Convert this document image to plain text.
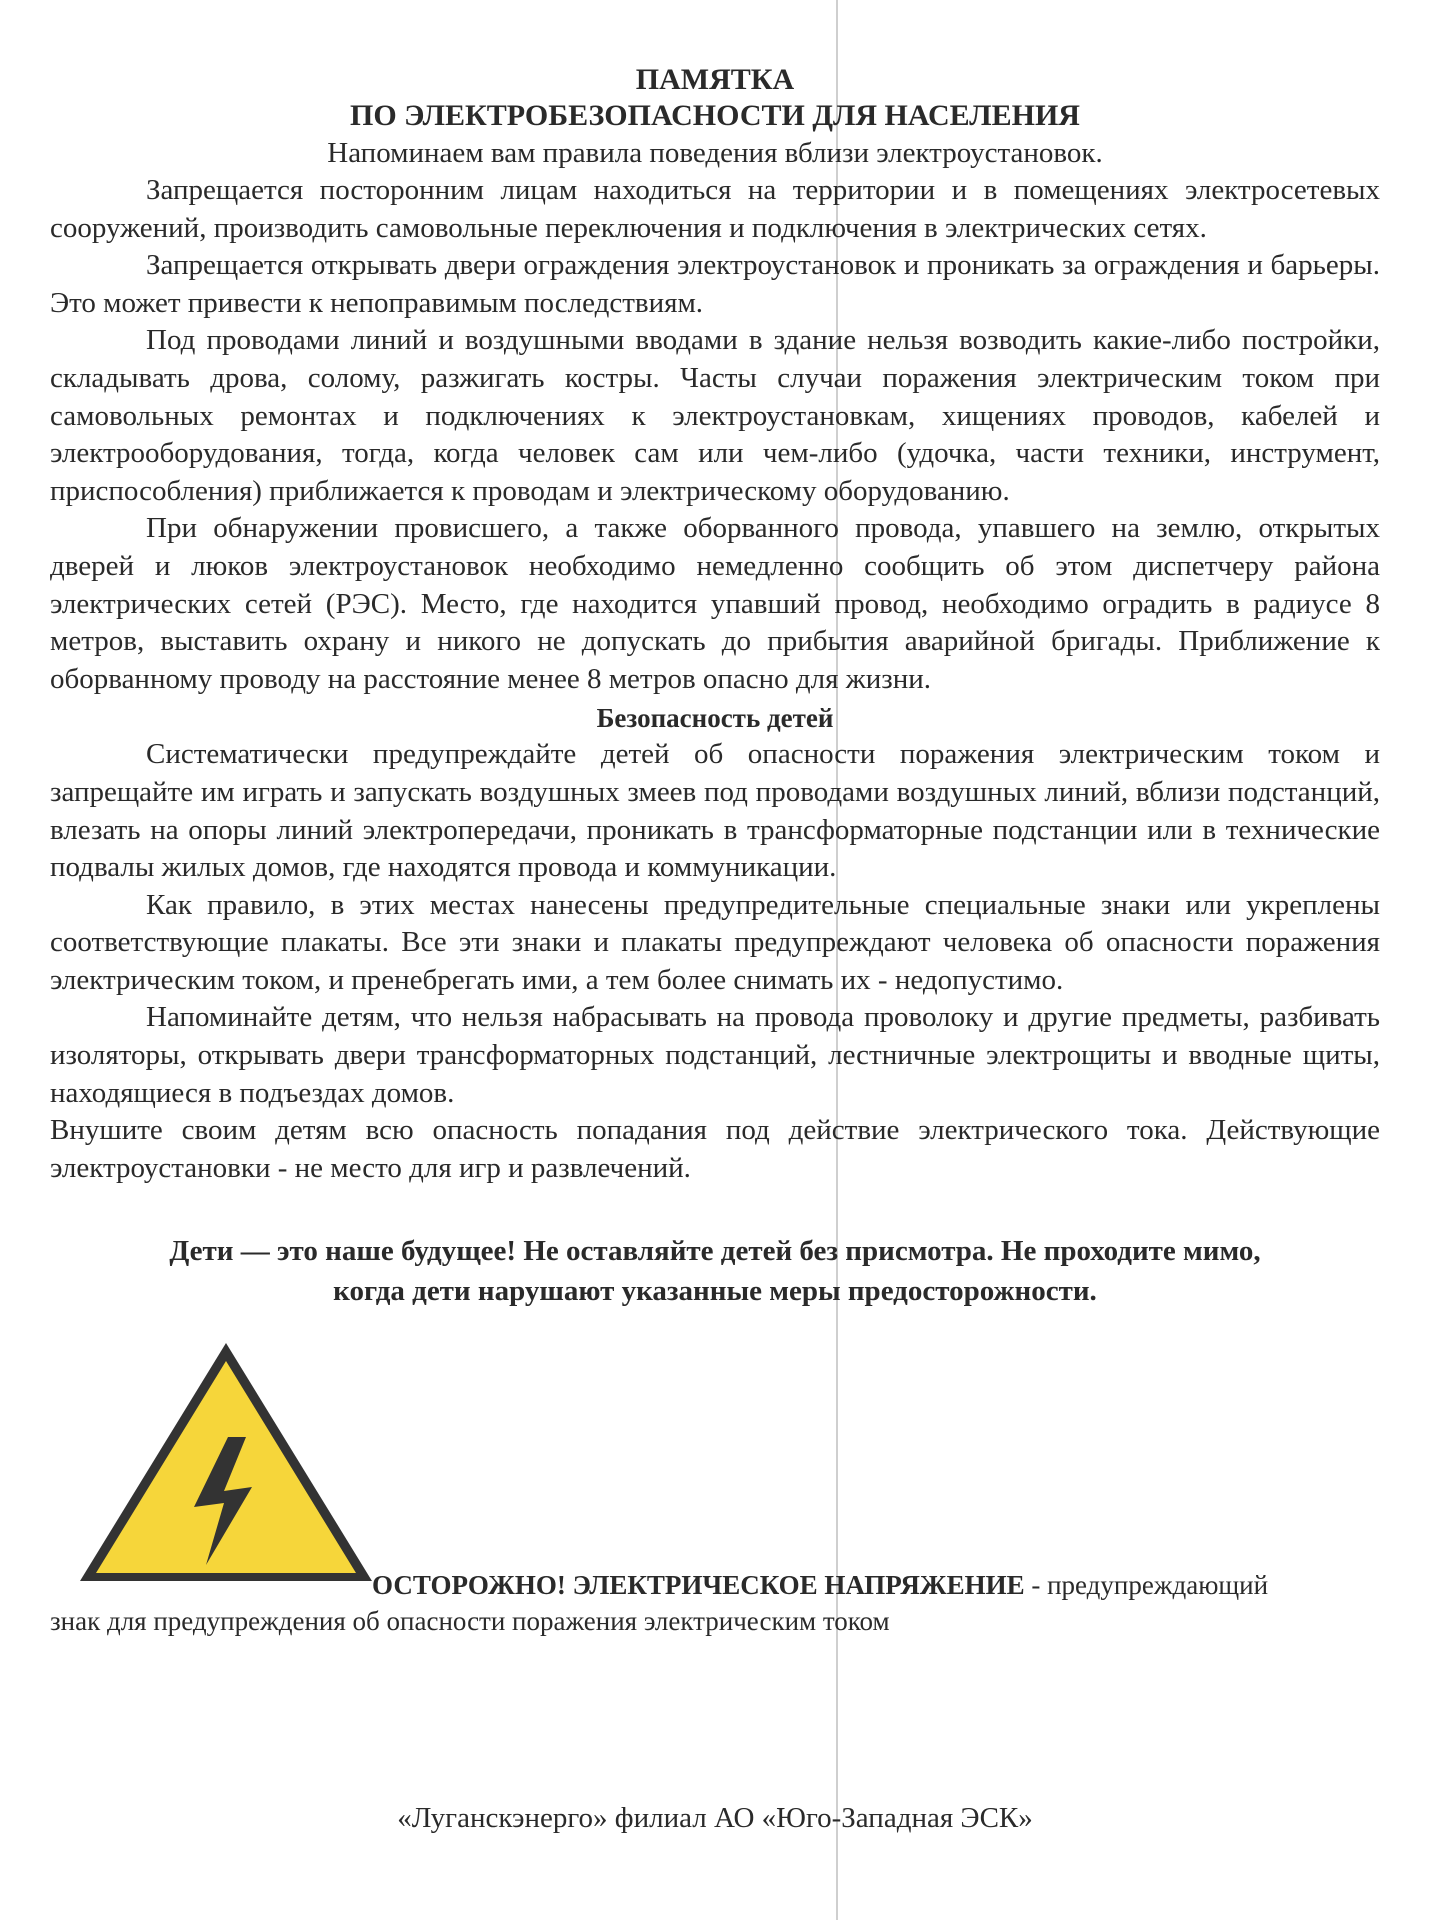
ПАМЯТКА
ПО ЭЛЕКТРОБЕЗОПАСНОСТИ ДЛЯ НАСЕЛЕНИЯ
Напоминаем вам правила поведения вблизи электроустановок.

Запрещается посторонним лицам находиться на территории и в помещениях электросетевых сооружений, производить самовольные переключения и подключения в электрических сетях.

Запрещается открывать двери ограждения электроустановок и проникать за ограждения и барьеры. Это может привести к непоправимым последствиям.

Под проводами линий и воздушными вводами в здание нельзя возводить какие-либо постройки, складывать дрова, солому, разжигать костры. Часты случаи поражения электрическим током при самовольных ремонтах и подключениях к электроустановкам, хищениях проводов, кабелей и электрооборудования, тогда, когда человек сам или чем-либо (удочка, части техники, инструмент, приспособления) приближается к проводам и электрическому оборудованию.

При обнаружении провисшего, а также оборванного провода, упавшего на землю, открытых дверей и люков электроустановок необходимо немедленно сообщить об этом диспетчеру района электрических сетей (РЭС). Место, где находится упавший провод, необходимо оградить в радиусе 8 метров, выставить охрану и никого не допускать до прибытия аварийной бригады. Приближение к оборванному проводу на расстояние менее 8 метров опасно для жизни.

Безопасность детей

Систематически предупреждайте детей об опасности поражения электрическим током и запрещайте им играть и запускать воздушных змеев под проводами воздушных линий, вблизи подстанций, влезать на опоры линий электропередачи, проникать в трансформаторные подстанции или в технические подвалы жилых домов, где находятся провода и коммуникации.

Как правило, в этих местах нанесены предупредительные специальные знаки или укреплены соответствующие плакаты. Все эти знаки и плакаты предупреждают человека об опасности поражения электрическим током, и пренебрегать ими, а тем более снимать их - недопустимо.

Напоминайте детям, что нельзя набрасывать на провода проволоку и другие предметы, разбивать изоляторы, открывать двери трансформаторных подстанций, лестничные электрощиты и вводные щиты, находящиеся в подъездах домов.

Внушите своим детям всю опасность попадания под действие электрического тока. Действующие электроустановки - не место для игр и развлечений.

Дети — это наше будущее! Не оставляйте детей без присмотра. Не проходите мимо,
когда дети нарушают указанные меры предосторожности.
ОСТОРОЖНО! ЭЛЕКТРИЧЕСКОЕ НАПРЯЖЕНИЕ - предупреждающий
знак для предупреждения об опасности поражения электрическим током
«Луганскэнерго» филиал АО «Юго-Западная ЭСК»
